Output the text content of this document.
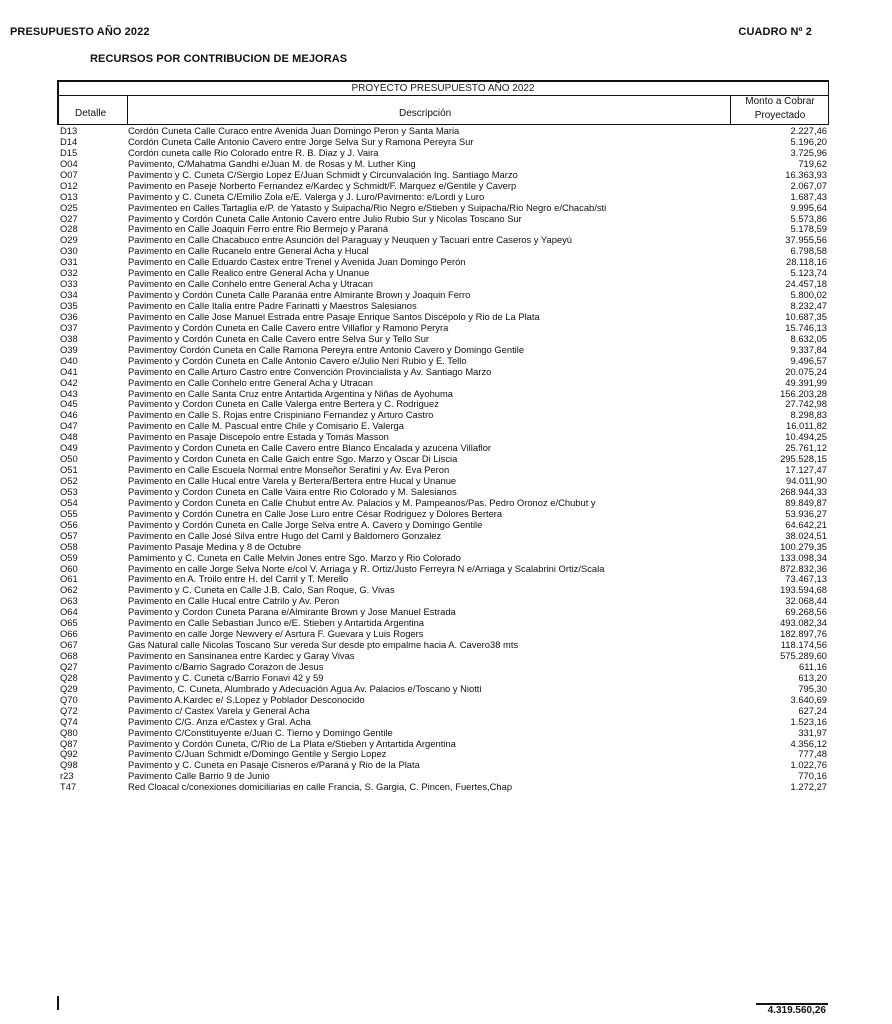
PRESUPUESTO AÑO 2022	CUADRO Nº 2
RECURSOS POR CONTRIBUCION DE MEJORAS
PROYECTO PRESUPUESTO AÑO 2022
Detalle	Descripción
Monto a Cobrar
Proyectado
D13	Cordón Cuneta Calle Curaco entre Avenida Juan Domingo Peron y Santa Maria	2.227,46
D14	Cordón Cuneta Calle Antonio Cavero entre Jorge Selva Sur y Ramona Pereyra Sur	5.196,20
D15	Cordón cuneta calle Rio Colorado entre R. B. Diaz y J. Vaira	3.725,96
O04	Pavimento, C/Mahatma Gandhi e/Juan M. de Rosas y M. Luther King	719,62
O07	Pavimento y C. Cuneta C/Sergio Lopez E/Juan Schmidt y Circunvalación Ing. Santiago Marzo	16.363,93
O12	Pavimento en Paseje Norberto Fernandez e/Kardec y Schmidt/F. Marquez e/Gentile y Caverp	2.067,07
O13	Pavimento y C. Cuneta C/Emilio Zola e/E. Valerga y J. Luro/Pavimento: e/Lordi y Luro	1.687,43
O25	Pavimenteo en Calles Tartaglia e/P. de Yatasto y Suipacha/Rio Negro e/Stieben y Suipacha/Rio Negro e/Chacab/sti	9.995,64
O27	Pavimento y Cordón Cuneta Calle Antonio Cavero entre Julio Rubio Sur y Nicolas Toscano Sur	5.573,86
O28	Pavimento en Calle Joaquin Ferro entre Rio Bermejo y Paraná	5.178,59
O29	Pavimento en Calle Chacabuco entre Asunción del Paraguay y Neuquen y Tacuari entre Caseros y Yapeyú	37.955,56
O30	Pavimento en Calle Rucanelo entre General Acha y Hucal	6.798,58
O31	Pavimento en Calle Eduardo Castex entre Trenel y Avenida Juan Domingo Perón	28.118,16
O32	Pavimento en Calle Realico entre General Acha y Unanue	5.123,74
O33	Pavimento en Calle Conhelo entre General Acha y Utracan	24.457,18
O34	Pavimento y Cordón Cuneta Calle Paranáa entre Almirante Brown y Joaquin Ferro	5.800,02
O35	Pavimento en Calle Italia entre Padre Farinatti y Maestros Salesianos	8.232,47
O36	Pavimento en Calle Jose Manuel Estrada entre Pasaje Enrique Santos Discépolo y Rio de La Plata	10.687,35
O37	Pavimento y Cordón Cuneta en Calle Cavero entre Villaflor y Ramono Peryra	15.746,13
O38	Pavimento y Cordón Cuneta en Calle Cavero entre Selva Sur y Tello Sur	8.632,05
O39	Pavimentoy Cordón Cuneta en Calle Ramona Pereyra entre Antonio Cavero y Domingo Gentile	9.337,84
O40	Pavimento y Cordón Cuneta en Calle Antonio Cavero e/Julio Neri Rubio y E. Tello	9.496,57
O41	Pavimento en Calle Arturo Castro entre Convención Provincialista y Av. Santiago Marzo	20.075,24
O42	Pavimento en Calle Conhelo entre General Acha y Utracan	49.391,99
O43	Pavimento en Calle Santa Cruz entre Antartida Argentina y Niñas de Ayohuma	156.203,28
O45	Pavimento y Cordon Cuneta en Calle Valerga entre Bertera y C. Rodriguez	27.742,98
O46	Pavimento en Calle S. Rojas entre Crispiniano Fernandez y Arturo Castro	8.298,83
O47	Pavimento en Calle M. Pascual entre Chile y Comisario E. Valerga	16.011,82
O48	Pavimento en Pasaje Discepolo entre Estada y Tomás Masson	10.494,25
O49	Pavimento y Cordon Cuneta en Calle Cavero entre Blanco Encalada y azucena Villaflor	25.761,12
O50	Pavimento y Cordon Cuneta en Calle Gaich entre Sgo. Marzo y Oscar Di Liscia	295.528,15
O51	Pavimento en Calle Escuela Normal entre Monseñor Serafini y Av. Eva Peron	17.127,47
O52	Pavimento en Calle Hucal entre Varela y Bertera/Bertera entre Hucal y Unanue	94.011,90
O53	Pavimento y Cordon Cuneta en Calle Vaira entre Rio Colorado y M. Salesianos	268.944,33
O54	Pavimento y Cordon Cuneta en Calle Chubut entre Av. Palacios y M. Pampeanos/Pas. Pedro Oronoz e/Chubut y	89.849,87
O55	Pavimento y Cordón Cunetra en Calle Jose Luro entre César Rodriguez y Dolores Bertera	53.936,27
O56	Pavimento y Cordón Cuneta en Calle Jorge Selva entre A. Cavero y Domingo Gentile	64.642,21
O57	Pavimento en Calle José Silva entre Hugo del Carril y Baldomero Gonzalez	38.024,51
O58	Pavimento Pasaje Medina y 8 de Octubre	100.279,35
O59	Pamimento y C. Cuneta en Calle Melvin Jones entre Sgo. Marzo y Rio Colorado	133.098,34
O60	Pavimento en calle Jorge Selva Norte e/col V. Arriaga y R. Ortiz/Justo Ferreyra N e/Arriaga y Scalabrini Ortiz/Scala	872.832,36
O61	Pavimento en A. Troilo entre H. del Carril y T. Merello	73.467,13
O62	Pavimento y C. Cuneta en Calle J.B. Calo, San Roque, G. Vivas	193.594,68
O63	Pavimento en Calle Hucal entre Catrilo y Av. Peron	32.068,44
O64	Pavimento y Cordon Cuneta Parana e/Almirante Brown y Jose Manuel Estrada	69.268,56
O65	Pavimento en Calle Sebastian Junco e/E. Stieben y Antartida Argentina	493.082,34
O66	Pavimento en calle Jorge Newvery e/ Asrtura F. Guevara y Luis Rogers	182.897,76
O67	Gas Natural calle Nicolas Toscano Sur vereda Sur desde pto empalme hacia A. Cavero38 mts	118.174,56
O68	Pavimento en Sansinanea entre Kardec y Garay Vivas	575.289,60
Q27	Pavimento c/Barrio Sagrado Corazon de Jesus	611,16
Q28	Pavimento y C. Cuneta c/Barrio Fonavi 42 y 59	613,20
Q29	Pavimento, C. Cuneta, Alumbrado y Adecuación Agua Av. Palacios e/Toscano y Niotti	795,30
Q70	Pavimento A.Kardec e/ S.Lopez y Poblador Desconocido	3.640,69
Q72	Pavimento c/ Castex Varela y General Acha	627,24
Q74	Pavimento C/G. Anza e/Castex y Gral. Acha	1.523,16
Q80	Pavimento C/Constituyente e/Juan C. Tierno y Domingo Gentile	331,97
Q87	Pavimento y Cordón Cuneta, C/Rio de La Plata e/Stieben y Antartida Argentina	4.356,12
Q92	Pavimento C/Juan Schmidt e/Domingo Gentile y Sergio Lopez	777,48
Q98	Pavimento y C. Cuneta en Pasaje Cisneros e/Paraná y Rio de la Plata	1.022,76
r23	Pavimento Calle Barrio 9 de Junio	770,16
T47	Red Cloacal c/conexiones domiciliarias en calle Francia, S. Gargia, C. Pincen, Fuertes,Chap	1.272,27
4.319.560,26
